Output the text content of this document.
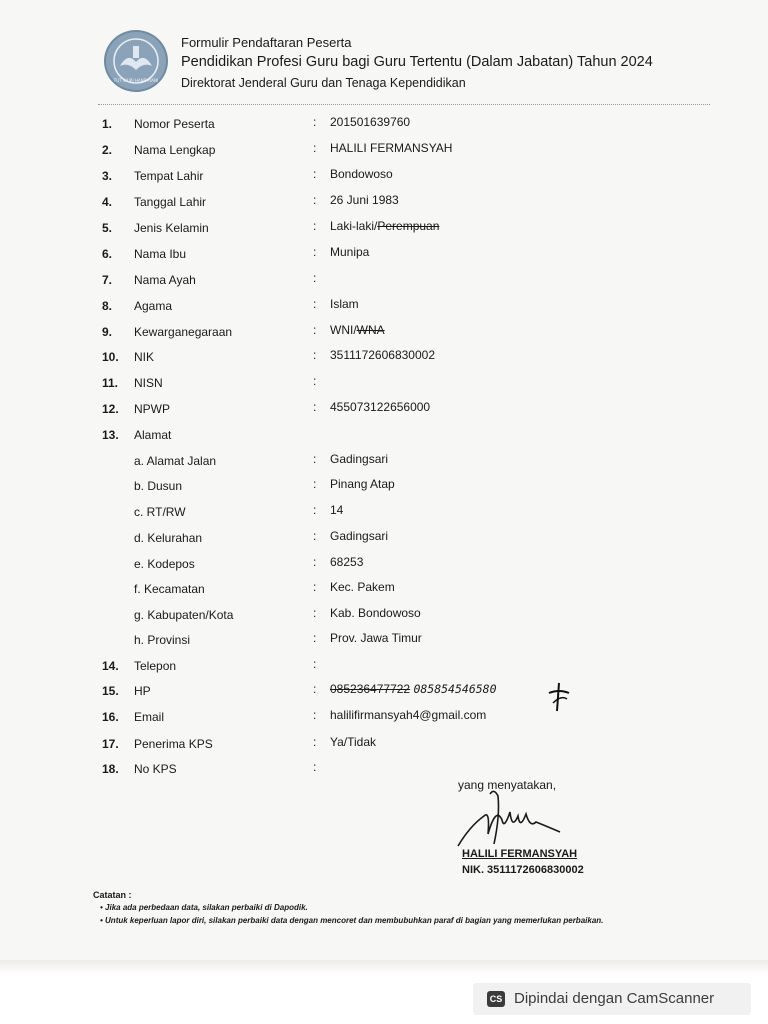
TUT WURI HANDAYANI
Formulir Pendaftaran Peserta
Pendidikan Profesi Guru bagi Guru Tertentu (Dalam Jabatan) Tahun 2024
Direktorat Jenderal Guru dan Tenaga Kependidikan
1. Nomor Peserta	: 201501639760
2. Nama Lengkap	: HALILI FERMANSYAH
3. Tempat Lahir	: Bondowoso
4. Tanggal Lahir	: 26 Juni 1983
5. Jenis Kelamin	: Laki-laki/Perempuan
6. Nama Ibu	: Munipa
7. Nama Ayah	:
8. Agama	: Islam
9. Kewarganegaraan	: WNI/WNA
10. NIK	: 3511172606830002
11. NISN	:
12. NPWP	: 455073122656000
13. Alamat
a. Alamat Jalan	: Gadingsari
b. Dusun	: Pinang Atap
c. RT/RW	: 14
d. Kelurahan	: Gadingsari
e. Kodepos	: 68253
f. Kecamatan	: Kec. Pakem
g. Kabupaten/Kota	: Kab. Bondowoso
h. Provinsi	: Prov. Jawa Timur
14. Telepon	:
15. HP	: 085236477722 085854546580
16. Email	: halilifirmansyah4@gmail.com
17. Penerima KPS	: Ya/Tidak
18. No KPS	:
yang menyatakan,
HALILI FERMANSYAH
NIK. 3511172606830002
Catatan :
• Jika ada perbedaan data, silakan perbaiki di Dapodik.
• Untuk keperluan lapor diri, silakan perbaiki data dengan mencoret dan membubuhkan paraf di bagian yang memerlukan perbaikan.
CS Dipindai dengan CamScanner
